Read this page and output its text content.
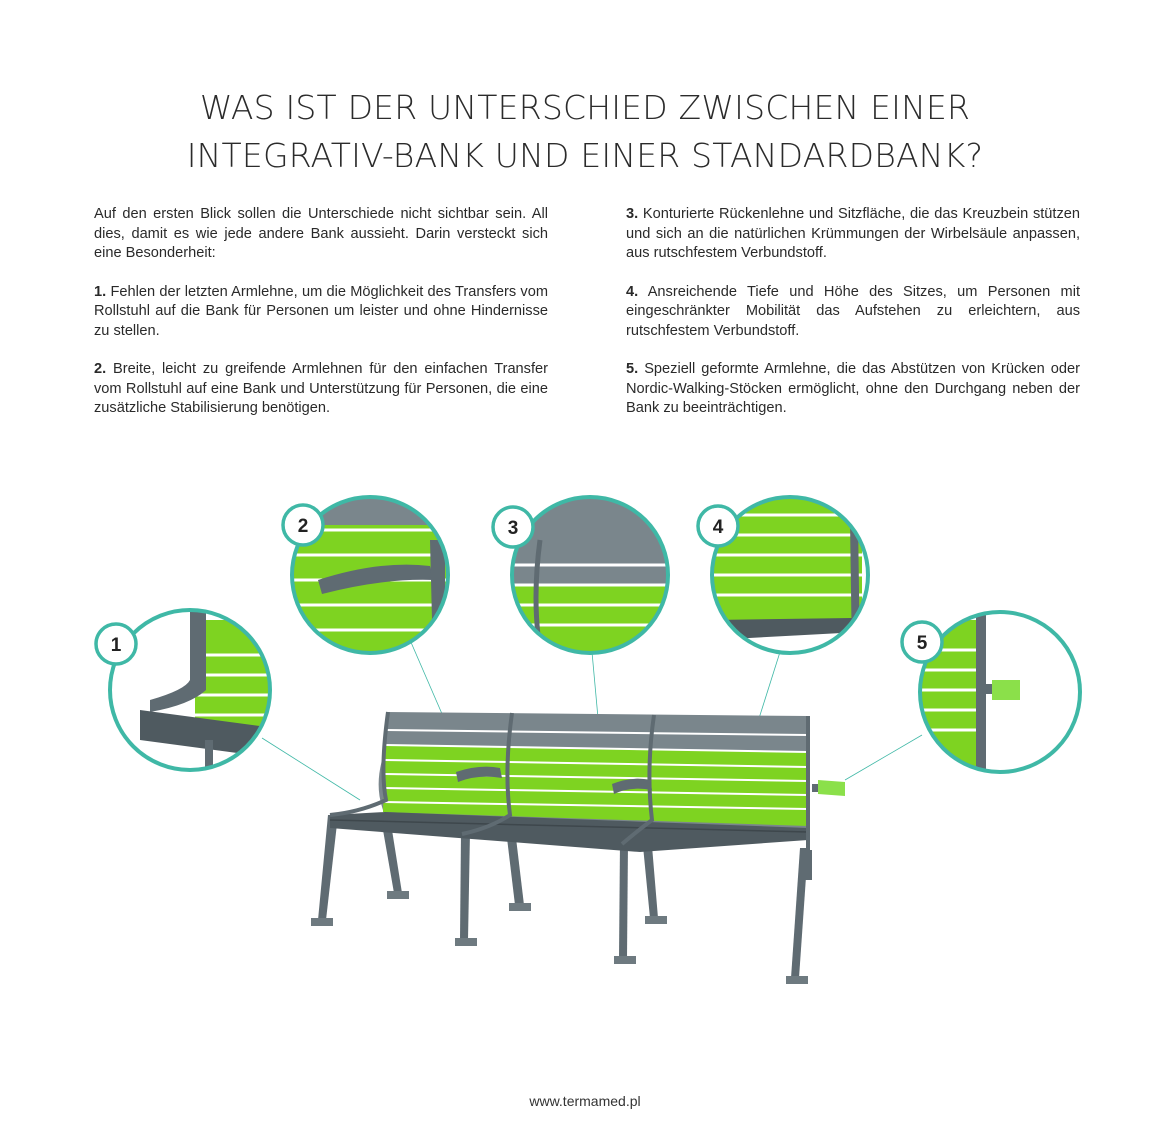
WAS IST DER UNTERSCHIED ZWISCHEN EINER
INTEGRATIV-BANK UND EINER STANDARDBANK?

Auf den ersten Blick sollen die Unterschiede nicht sichtbar sein. All dies, damit es wie jede andere Bank aussieht. Darin versteckt sich eine Besonderheit:

1. Fehlen der letzten Armlehne, um die Möglichkeit des Transfers vom Rollstuhl auf die Bank für Personen um leister und ohne Hindernisse zu stellen.

2. Breite, leicht zu greifende Armlehnen für den einfachen Transfer vom Rollstuhl auf eine Bank und Unterstützung für Personen, die eine zusätzliche Stabilisierung benötigen.

3. Konturierte Rückenlehne und Sitzfläche, die das Kreuzbein stützen und sich an die natürlichen Krümmungen der Wirbelsäule anpassen, aus rutschfestem Verbundstoff.

4. Ansreichende Tiefe und Höhe des Sitzes, um Personen mit eingeschränkter Mobilität das Aufstehen zu erleichtern, aus rutschfestem Verbundstoff.

5. Speziell geformte Armlehne, die das Abstützen von Krücken oder Nordic-Walking-Stöcken ermöglicht, ohne den Durchgang neben der Bank zu beeinträchtigen.

1
2	3	4
5
www.termamed.pl
